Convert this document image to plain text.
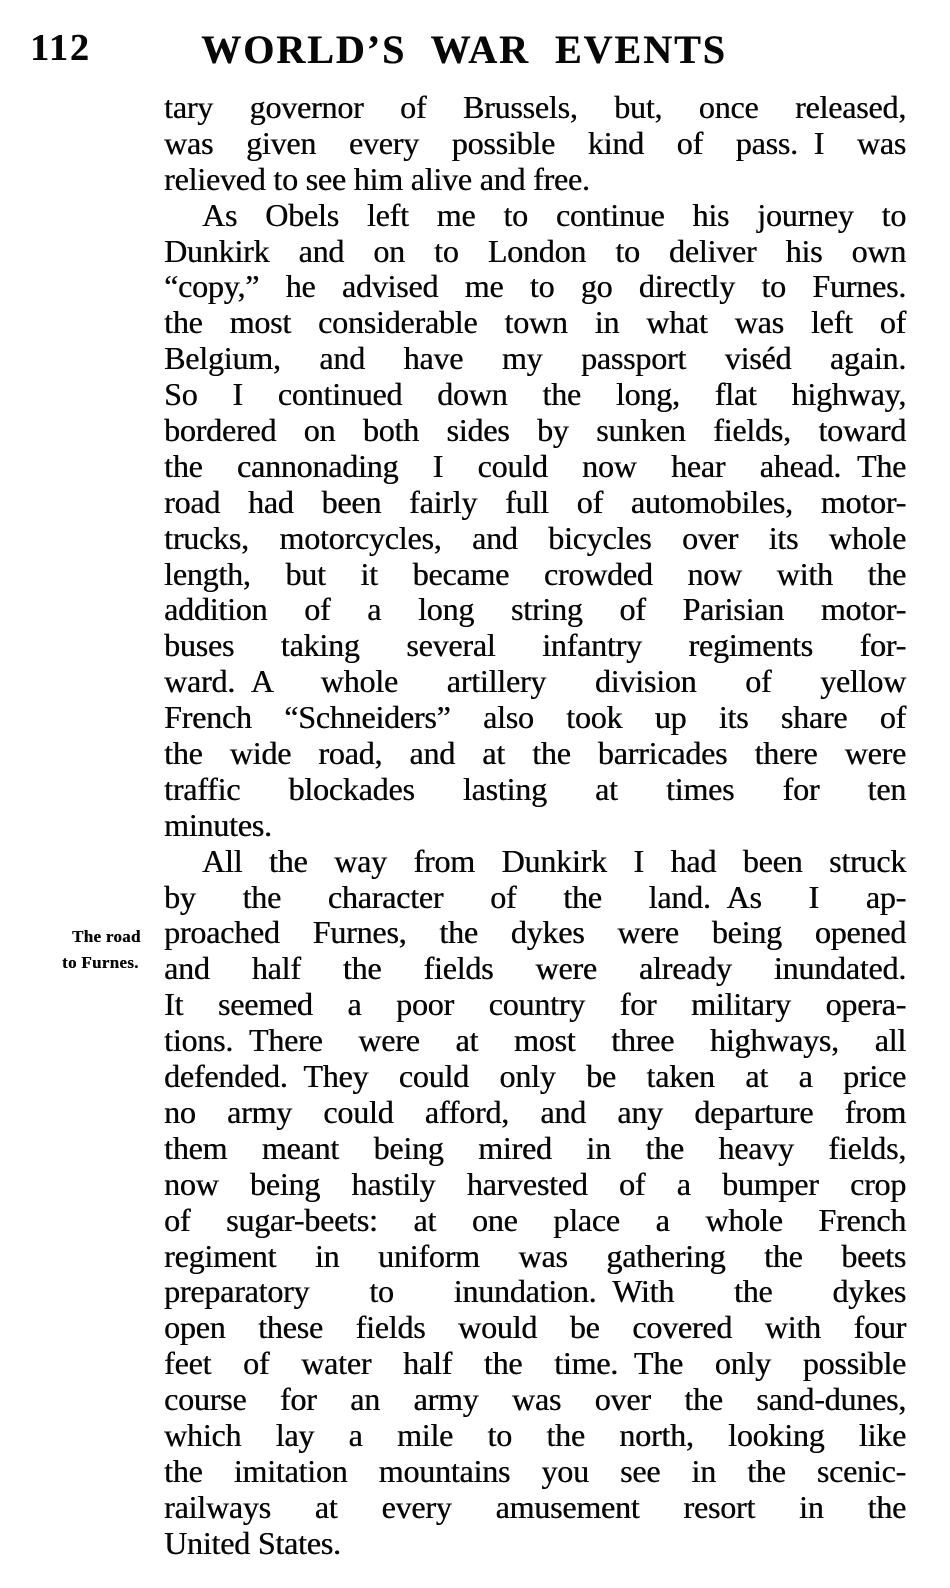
112	WORLD’S WAR EVENTS
The road
to Furnes.
tary governor of Brussels, but, once released,
was given every possible kind of pass. I was
relieved to see him alive and free.
As Obels left me to continue his journey to
Dunkirk and on to London to deliver his own
“copy,” he advised me to go directly to Furnes.
the most considerable town in what was left of
Belgium, and have my passport viséd again.
So I continued down the long, flat highway,
bordered on both sides by sunken fields, toward
the cannonading I could now hear ahead. The
road had been fairly full of automobiles, motor-
trucks, motorcycles, and bicycles over its whole
length, but it became crowded now with the
addition of a long string of Parisian motor-
buses taking several infantry regiments for-
ward. A whole artillery division of yellow
French “Schneiders” also took up its share of
the wide road, and at the barricades there were
traffic blockades lasting at times for ten
minutes.
All the way from Dunkirk I had been struck
by the character of the land. As I ap-
proached Furnes, the dykes were being opened
and half the fields were already inundated.
It seemed a poor country for military opera-
tions. There were at most three highways, all
defended. They could only be taken at a price
no army could afford, and any departure from
them meant being mired in the heavy fields,
now being hastily harvested of a bumper crop
of sugar-beets: at one place a whole French
regiment in uniform was gathering the beets
preparatory to inundation. With the dykes
open these fields would be covered with four
feet of water half the time. The only possible
course for an army was over the sand-dunes,
which lay a mile to the north, looking like
the imitation mountains you see in the scenic-
railways at every amusement resort in the
United States.
